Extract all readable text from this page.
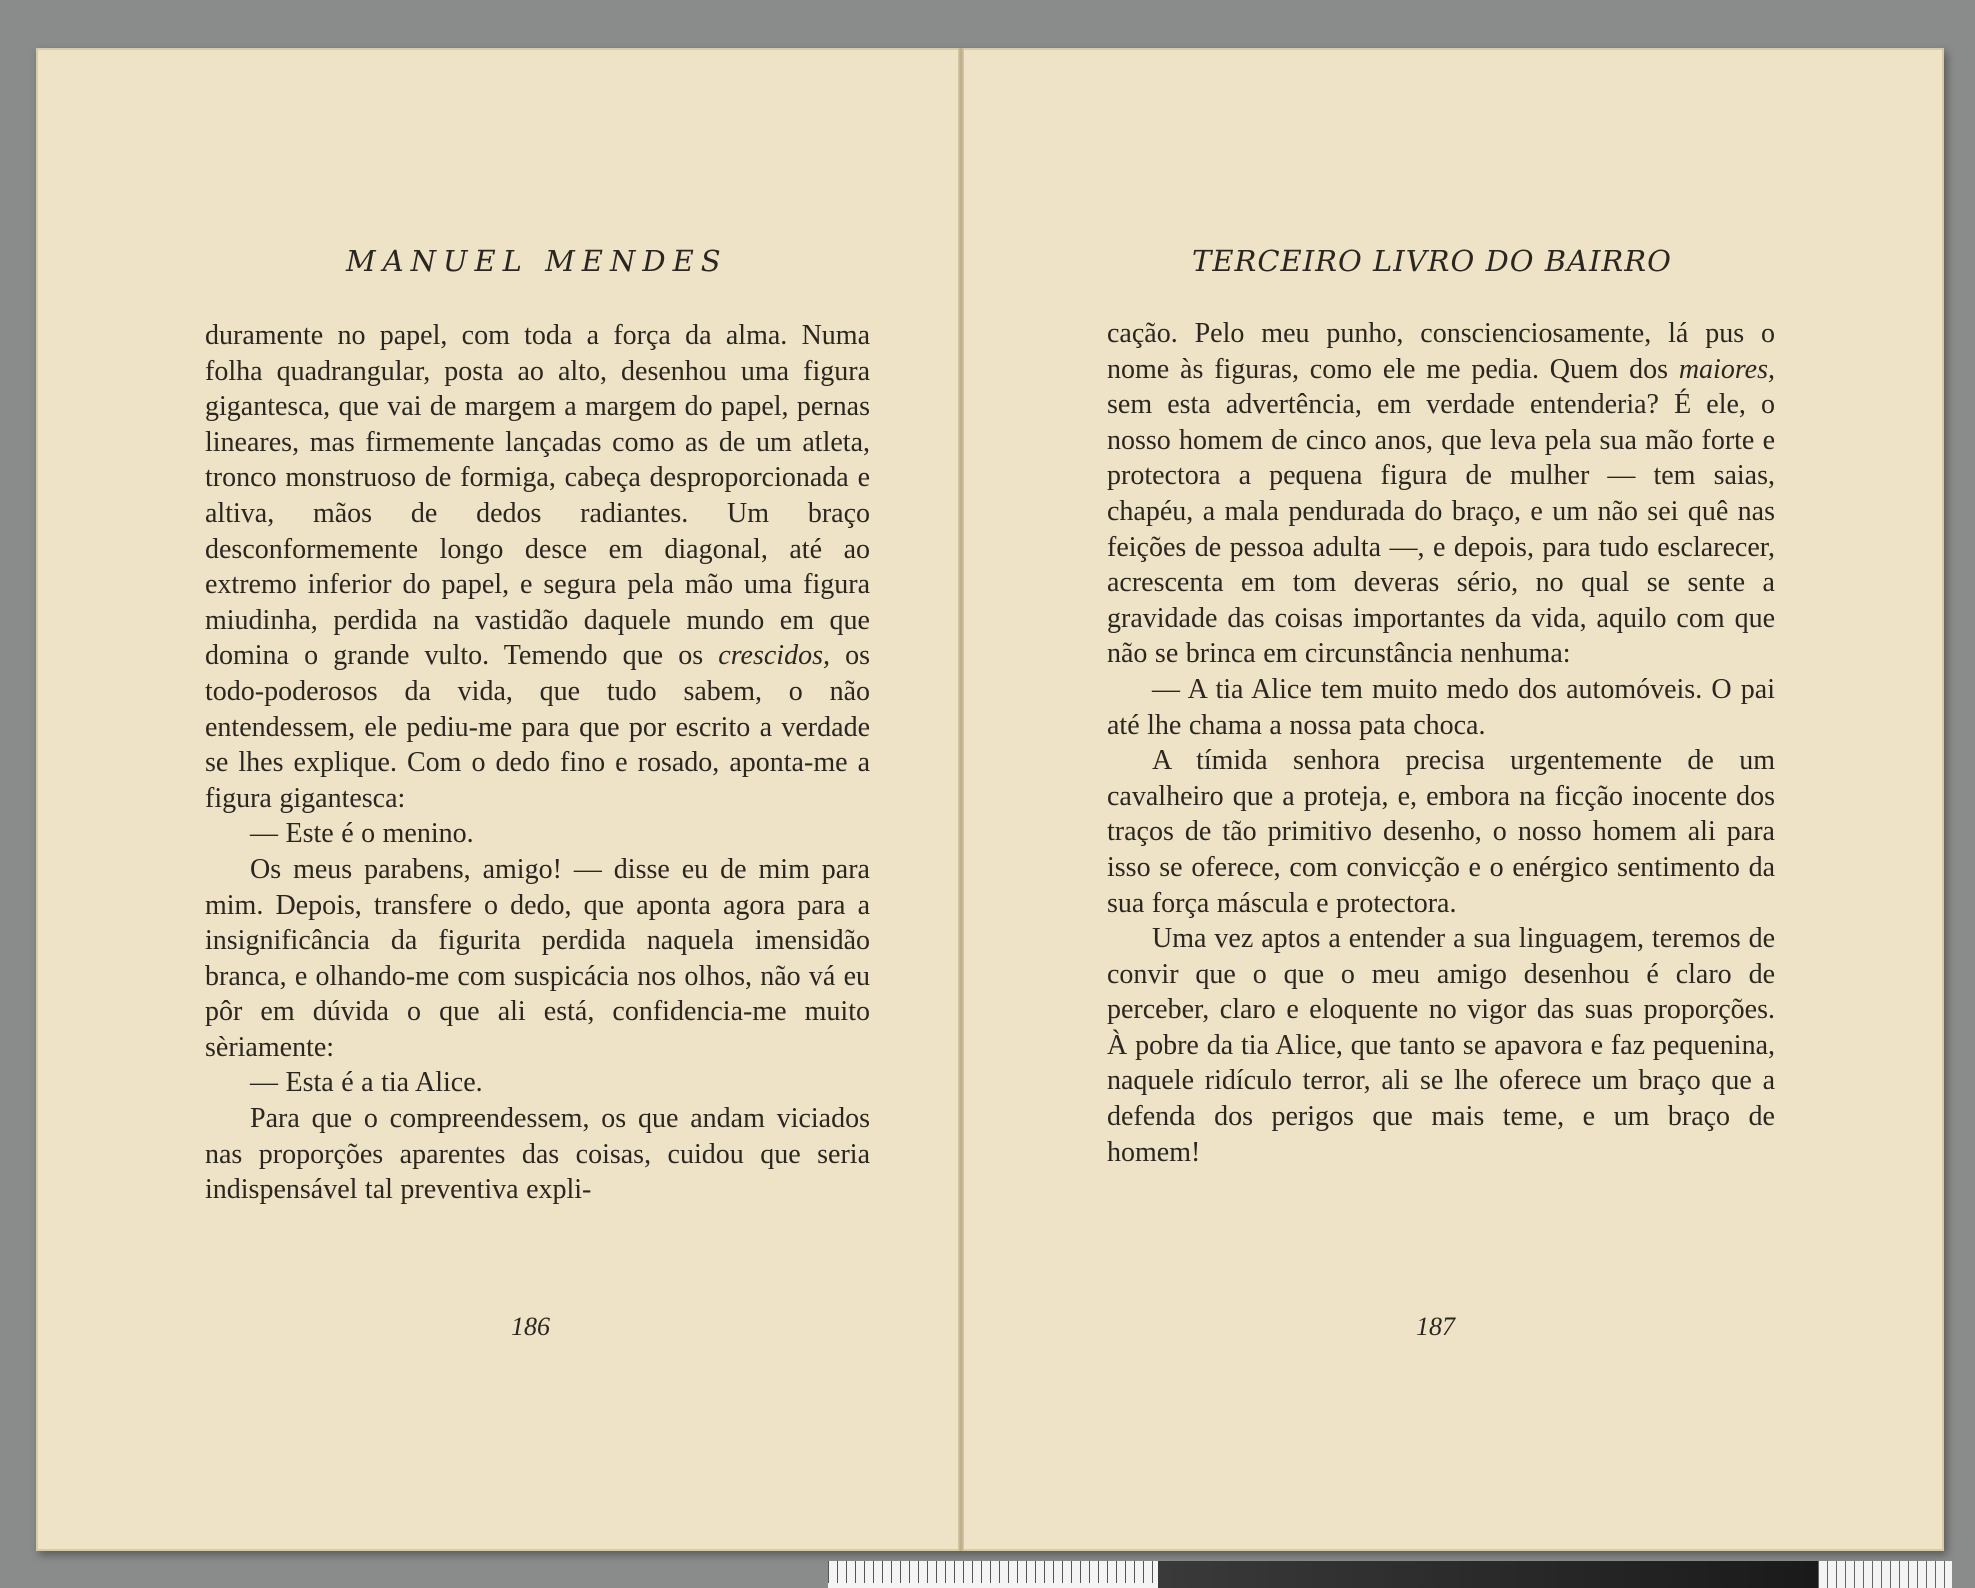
MANUEL MENDES

duramente no papel, com toda a força da alma. Numa folha quadrangular, posta ao alto, desenhou uma figura gigantesca, que vai de margem a margem do papel, pernas lineares, mas firmemente lançadas como as de um atleta, tronco monstruoso de formiga, cabeça desproporcionada e altiva, mãos de dedos radiantes. Um braço desconformemente longo desce em diagonal, até ao extremo inferior do papel, e segura pela mão uma figura miudinha, perdida na vastidão daquele mundo em que domina o grande vulto. Temendo que os crescidos, os todo-poderosos da vida, que tudo sabem, o não entendessem, ele pediu-me para que por escrito a verdade se lhes explique. Com o dedo fino e rosado, aponta-me a figura gigantesca:

— Este é o menino.

Os meus parabens, amigo! — disse eu de mim para mim. Depois, transfere o dedo, que aponta agora para a insignificância da figurita perdida naquela imensidão branca, e olhando-me com suspicácia nos olhos, não vá eu pôr em dúvida o que ali está, confidencia-me muito sèriamente:

— Esta é a tia Alice.

Para que o compreendessem, os que andam viciados nas proporções aparentes das coisas, cuidou que seria indispensável tal preventiva expli-

186
TERCEIRO LIVRO DO BAIRRO

cação. Pelo meu punho, conscienciosamente, lá pus o nome às figuras, como ele me pedia. Quem dos maiores, sem esta advertência, em verdade entenderia? É ele, o nosso homem de cinco anos, que leva pela sua mão forte e protectora a pequena figura de mulher — tem saias, chapéu, a mala pendurada do braço, e um não sei quê nas feições de pessoa adulta —, e depois, para tudo esclarecer, acrescenta em tom deveras sério, no qual se sente a gravidade das coisas importantes da vida, aquilo com que não se brinca em circunstância nenhuma:

— A tia Alice tem muito medo dos automóveis. O pai até lhe chama a nossa pata choca.

A tímida senhora precisa urgentemente de um cavalheiro que a proteja, e, embora na ficção inocente dos traços de tão primitivo desenho, o nosso homem ali para isso se oferece, com convicção e o enérgico sentimento da sua força máscula e protectora.

Uma vez aptos a entender a sua linguagem, teremos de convir que o que o meu amigo desenhou é claro de perceber, claro e eloquente no vigor das suas proporções. À pobre da tia Alice, que tanto se apavora e faz pequenina, naquele ridículo terror, ali se lhe oferece um braço que a defenda dos perigos que mais teme, e um braço de homem!

187
